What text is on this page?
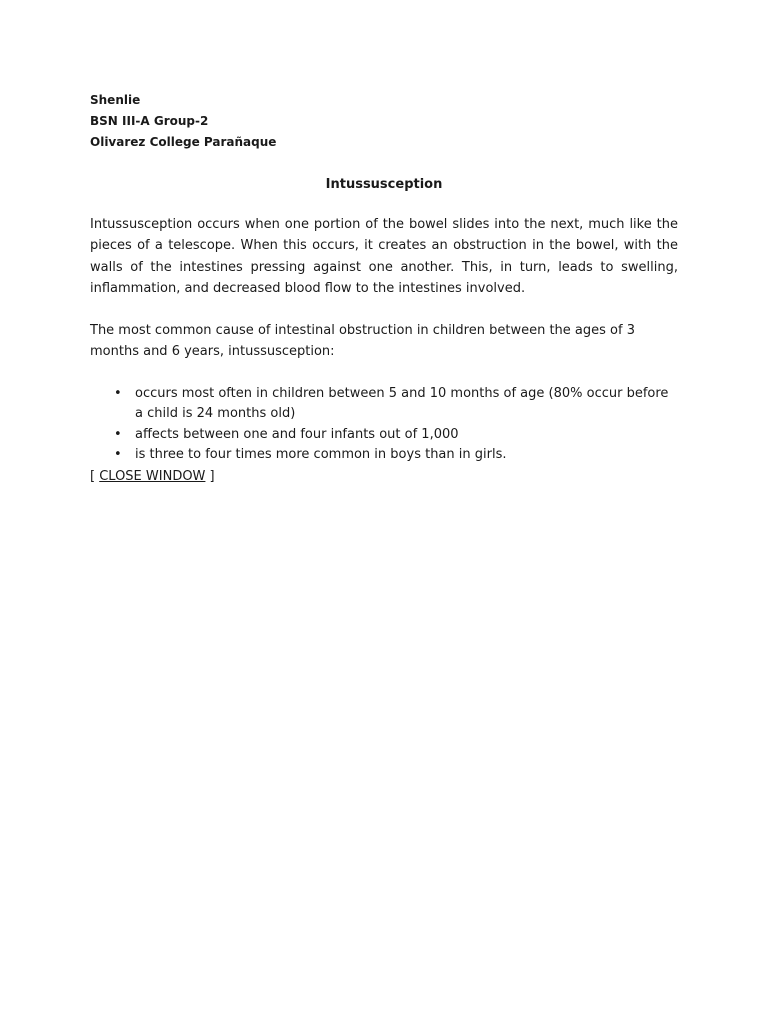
Shenlie

BSN III-A Group-2

Olivarez College Parañaque

Intussusception

Intussusception occurs when one portion of the bowel slides into the next, much like the pieces of a telescope. When this occurs, it creates an obstruction in the bowel, with the walls of the intestines pressing against one another. This, in turn, leads to swelling, inflammation, and decreased blood flow to the intestines involved.

The most common cause of intestinal obstruction in children between the ages of 3 months and 6 years, intussusception:

• occurs most often in children between 5 and 10 months of age (80% occur before a child is 24 months old)
• affects between one and four infants out of 1,000
• is three to four times more common in boys than in girls.

[ CLOSE WINDOW ]
